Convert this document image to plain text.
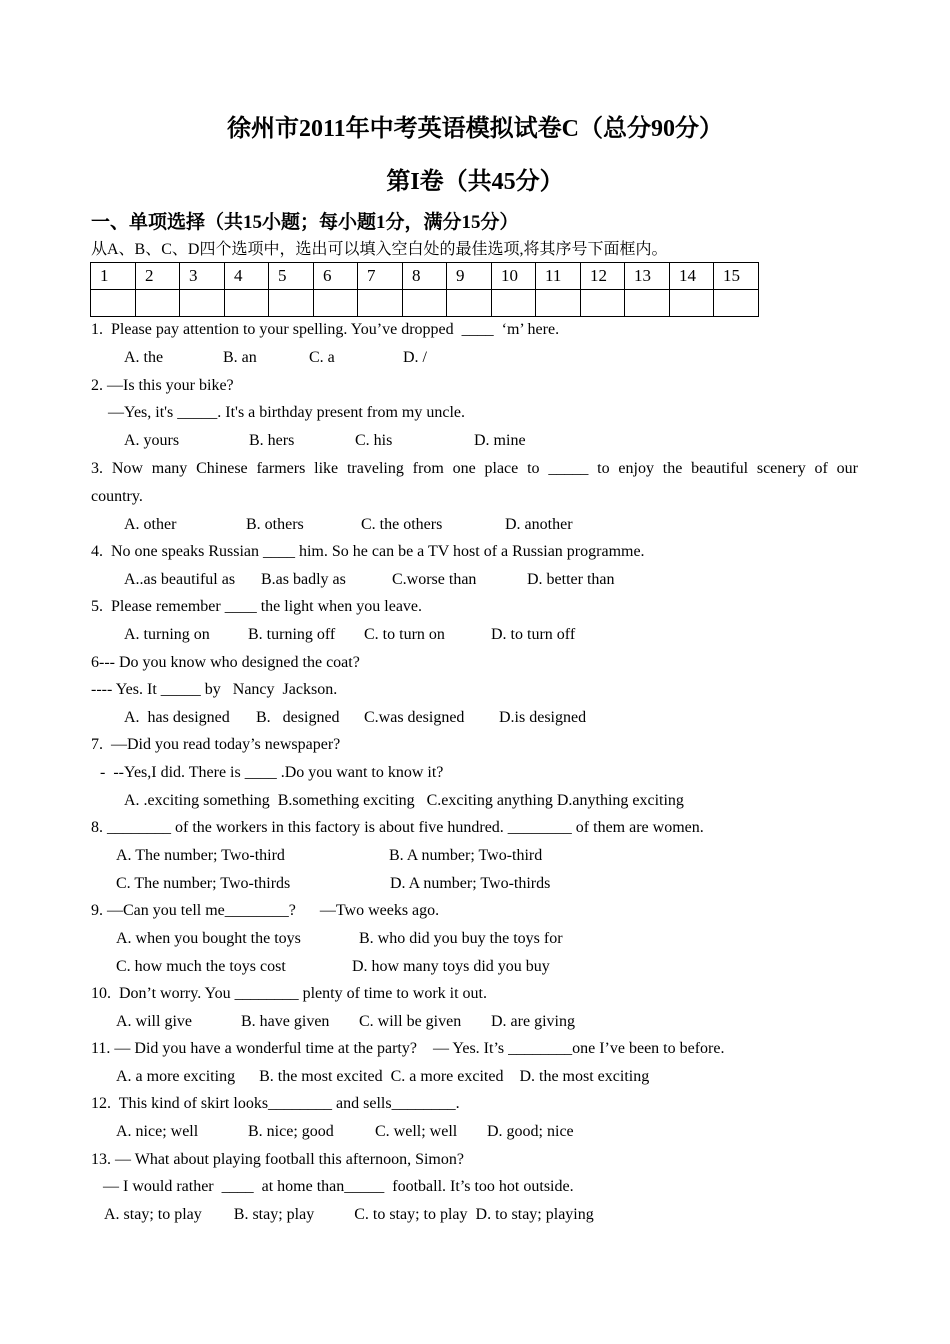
徐州市2011年中考英语模拟试卷C（总分90分）
第I卷（共45分）
一、单项选择（共15小题；每小题1分，满分15分）
从A、B、C、D四个选项中，选出可以填入空白处的最佳选项,将其序号下面框内。
1	2	3	4	5	6	7	8	9	10	11	12	13	14	15

1.  Please pay attention to your spelling. You’ve dropped  ____  ‘m’ here.
A. the	B. an	C. a	D. /
2. —Is this your bike?
—Yes, it's _____. It's a birthday present from my uncle.
A. yours	B. hers	C. his	D. mine
3. Now many Chinese farmers like traveling from one place to _____ to enjoy the beautiful scenery of our
country.
A. other	B. others	C. the others	D. another
4.  No one speaks Russian ____ him. So he can be a TV host of a Russian programme.
A..as beautiful as B.as badly as	C.worse than	D. better than
5.  Please remember ____ the light when you leave.
A. turning on B. turning off C. to turn on	D. to turn off
6--- Do you know who designed the coat?
---- Yes. It _____ by   Nancy  Jackson.
A.  has designed B.   designed C.was designed D.is designed
7.  —Did you read today’s newspaper?
-  --Yes,I did. There is ____ .Do you want to know it?
A. .exciting something  B.something exciting   C.exciting anything D.anything exciting
8. ________ of the workers in this factory is about five hundred. ________ of them are women.
A. The number; Two-third	B. A number; Two-third
C. The number; Two-thirds	D. A number; Two-thirds
9. —Can you tell me________?      —Two weeks ago.
A. when you bought the toys	B. who did you buy the toys for
C. how much the toys cost	D. how many toys did you buy
10.  Don’t worry. You ________ plenty of time to work it out.
A. will give	B. have given C. will be given D. are giving
11. — Did you have a wonderful time at the party?    — Yes. It’s ________one I’ve been to before.
A. a more exciting      B. the most excited  C. a more excited    D. the most exciting
12.  This kind of skirt looks________ and sells________.
A. nice; well	B. nice; good	C. well; well D. good; nice
13. — What about playing football this afternoon, Simon?
— I would rather  ____  at home than_____  football. It’s too hot outside.
A. stay; to play        B. stay; play          C. to stay; to play  D. to stay; playing
